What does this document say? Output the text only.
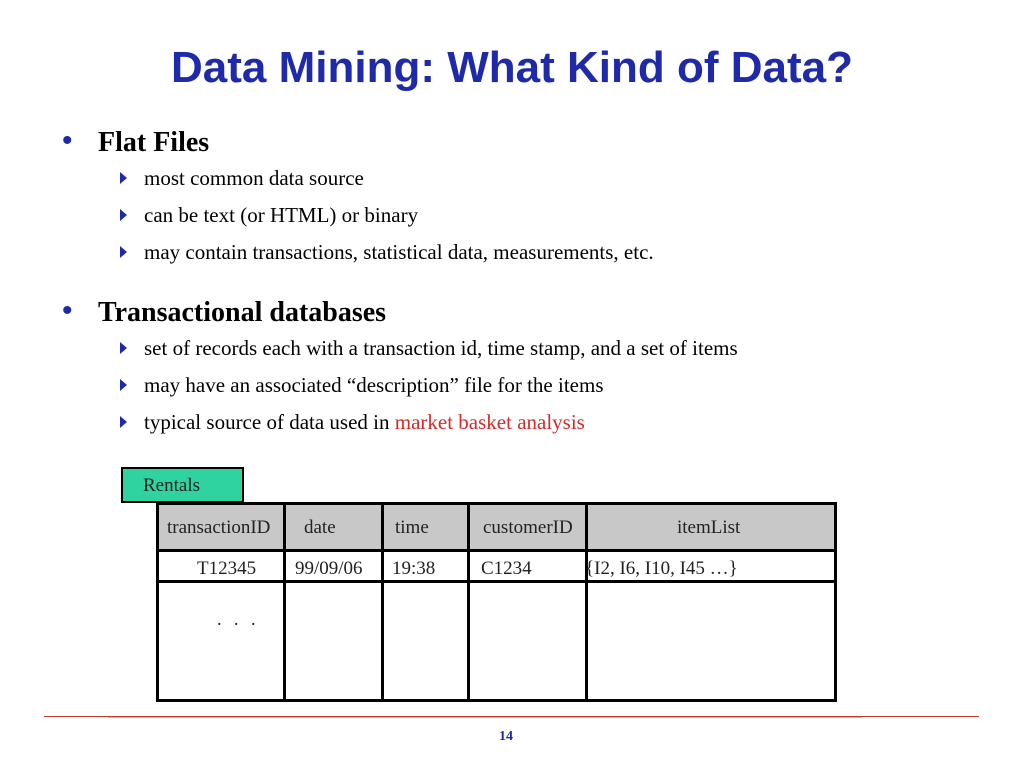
Data Mining: What Kind of Data?
• Flat Files
most common data source
can be text (or HTML) or binary
may contain transactions, statistical data, measurements, etc.
• Transactional databases
set of records each with a transaction id, time stamp, and a set of items
may have an associated “description” file for the items
typical source of data used in market basket analysis
Rentals
transactionID date	time	customerID	itemList
T12345 99/09/06 19:38 C1234	{I2, I6, I10, I45 …}
. . .
14
